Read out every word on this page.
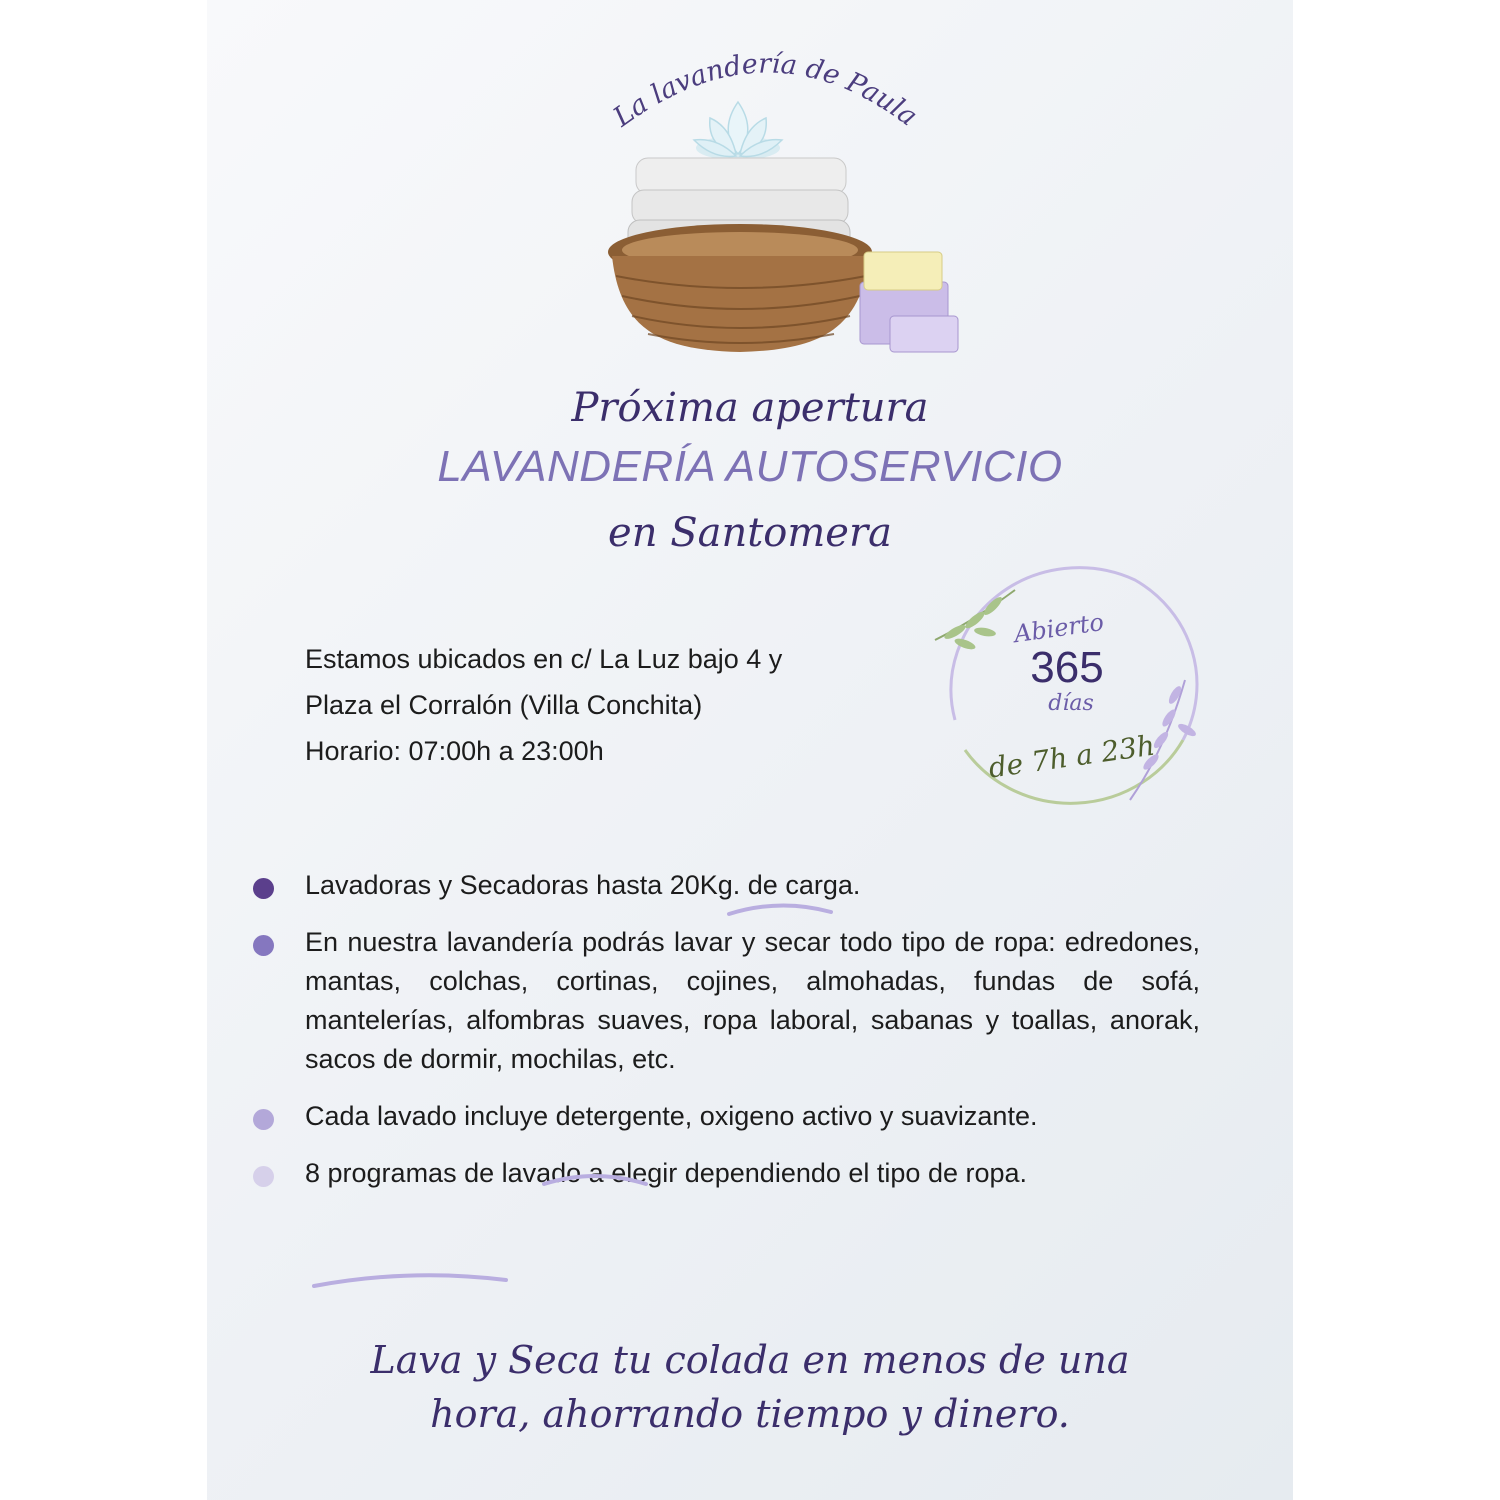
La lavandería de Paula
Próxima apertura
LAVANDERÍA AUTOSERVICIO
en Santomera
Estamos ubicados en c/ La Luz bajo 4 y
Plaza el Corralón (Villa Conchita)
Horario: 07:00h a 23:00h
Abierto
365
días
de 7h a 23h
Lavadoras y Secadoras hasta 20Kg. de carga.
En nuestra lavandería podrás lavar y secar todo tipo de ropa: edredones, mantas, colchas, cortinas, cojines, almohadas, fundas de sofá, mantelerías, alfombras suaves, ropa laboral, sabanas y toallas, anorak, sacos de dormir, mochilas, etc.
Cada lavado incluye detergente, oxigeno activo y suavizante.
8 programas de lavado a elegir dependiendo el tipo de ropa.
Lava y Seca tu colada en menos de una
hora, ahorrando tiempo y dinero.
